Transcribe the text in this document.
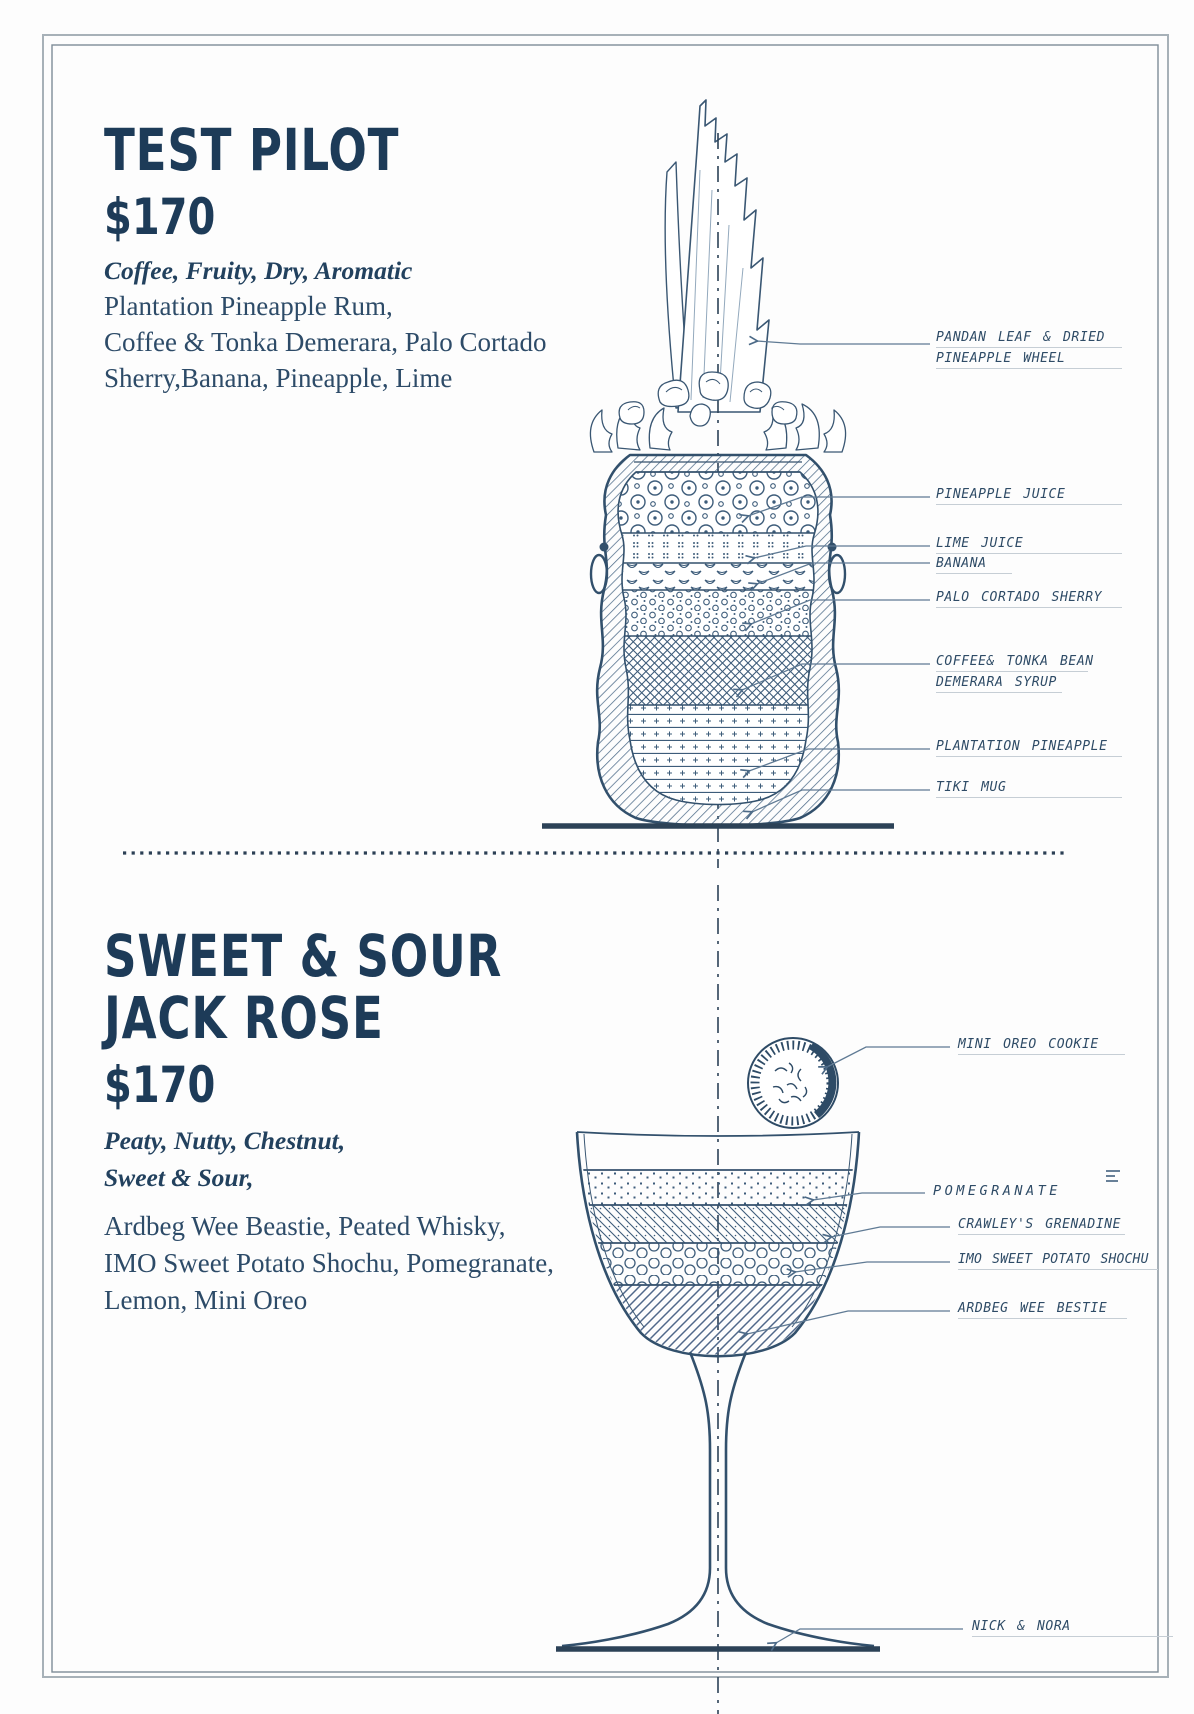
TEST PILOT
$170
Coffee, Fruity, Dry, Aromatic
Plantation Pineapple Rum,
Coffee & Tonka Demerara, Palo Cortado
Sherry,Banana, Pineapple, Lime
PANDAN LEAF & DRIED
PINEAPPLE WHEEL
PINEAPPLE JUICE
LIME JUICE
BANANA
PALO CORTADO SHERRY
COFFEE& TONKA BEAN
DEMERARA SYRUP
PLANTATION PINEAPPLE
TIKI MUG
SWEET & SOUR
JACK ROSE
$170
Peaty, Nutty, Chestnut,
Sweet & Sour,
Ardbeg Wee Beastie, Peated Whisky,
IMO Sweet Potato Shochu, Pomegranate,
Lemon, Mini Oreo
MINI OREO COOKIE
POMEGRANATE
CRAWLEY'S GRENADINE
IMO SWEET POTATO SHOCHU
ARDBEG WEE BESTIE
NICK & NORA
